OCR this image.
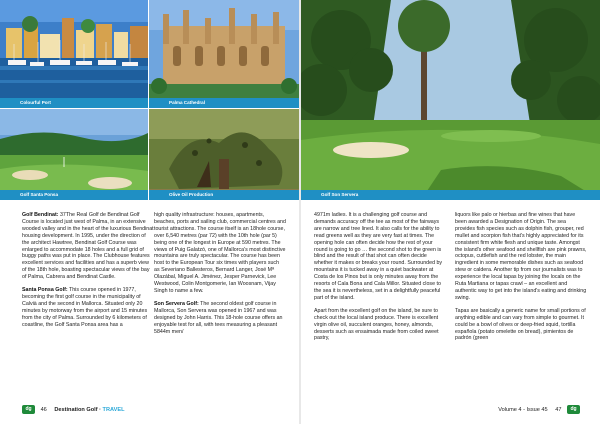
Colourful Port	Palma Cathedral
Golf Santa Ponsa	Olive Oil Production	Golf Son Servera

Golf Bendinat: 37The Real Golf de Bendinat Golf Course is located just west of Palma, in an extensive wooded valley and in the heart of the luxurious Bendinat housing development. In 1995, under the direction of the architect Hawtree, Bendinat Golf Course was enlarged to accommodate 18 holes and a full grid of buggy paths was put in place. The Clubhouse features excellent services and facilities and has a superb view of the 18th hole, boasting spectacular views of the bay of Palma, Cabrera and Bendinat Castle.

Santa Ponsa Golf: This course opened in 1977, becoming the first golf course in the municipality of Calvià and the second in Mallorca. Situated only 20 minutes by motorway from the airport and 15 minutes from the city of Palma. Surrounded by 6 kilometers of coastline, the Golf Santa Ponsa area has a

high quality infrastructure: houses, apartments, beaches, ports and sailing club, commercial centres and tourist attractions. The course itself is an 18hole course, over 6,540 metres (par 72) with the 10th hole (par 5) being one of the longest in Europe at 590 metres. The views of Puig Galatzó, one of Mallorca's most distinctive mountains are truly spectacular. The course has been host to the European Tour six times with players such as Severiano Ballesteros, Bernard Langer, José Mª Olazábal, Miguel A. Jiménez, Jesper Parnevick, Lee Westwood, Colin Montgomerie, Ian Woosnam, Vijay Singh to name a few.

Son Servera Golf: The second oldest golf course in Mallorca, Son Servera was opened in 1967 and was designed by John Harris. This 18-hole course offers an enjoyable test for all, with tees measuring a pleasant 5844m men/

4971m ladies. It is a challenging golf course and demands accuracy off the tee as most of the fairways are narrow and tree lined. It also calls for the ability to read greens well as they are very fast at times. The opening hole can often decide how the rest of your round is going to go … the second shot to the green is blind and the result of that shot can often decide whether it makes or breaks your round. Surrounded by mountains it is tucked away in a quiet backwater at Costa de los Pinos but is only minutes away from the resorts of Cala Bona and Cala Millor. Situated close to the sea it is nevertheless, set in a delightfully peaceful part of the island.

Apart from the excellent golf on the island, be sure to check out the local island produce. There is excellent virgin olive oil, succulent oranges, honey, almonds, desserts such as ensaimada made from coiled sweet pastry,

liquors like palo or hierbas and fine wines that have been awarded a Designation of Origin. The sea provides fish species such as dolphin fish, grouper, red mullet and scorpion fish that's highly appreciated for its consistent firm white flesh and unique taste. Amongst the island's other seafood and shellfish are pink prawns, octopus, cuttlefish and the red lobster, the main ingredient in some memorable dishes such as seafood stew or caldera. Another tip from our journalists was to experience the local tapas by joining the locals on the Ruta Martiana or tapas crawl – an excellent and authentic way to get into the island's eating and drinking swing.

Tapas are basically a generic name for small portions of anything edible and can vary from simple to gourmet. It could be a bowl of olives or deep-fried squid, tortilla española (potato omelette on bread), pimientos de padrón (green

dg 46 Destination Golf · TRAVEL	Volume 4 - Issue 45 47 dg
